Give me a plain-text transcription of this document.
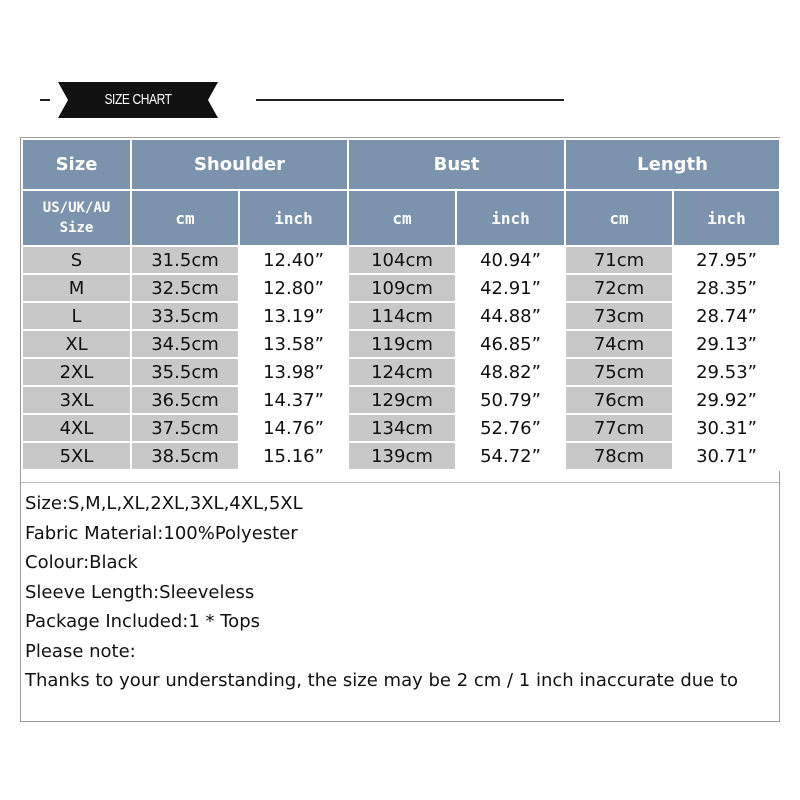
SIZE CHART
Size	Shoulder		Bust		Length	
US/UK/AU
Size	cm	inch	cm	inch	cm	inch
S	31.5cm	12.40”	104cm	40.94”	71cm	27.95”
M	32.5cm	12.80”	109cm	42.91”	72cm	28.35”
L	33.5cm	13.19”	114cm	44.88”	73cm	28.74”
XL	34.5cm	13.58”	119cm	46.85”	74cm	29.13”
2XL	35.5cm	13.98”	124cm	48.82”	75cm	29.53”
3XL	36.5cm	14.37”	129cm	50.79”	76cm	29.92”
4XL	37.5cm	14.76”	134cm	52.76”	77cm	30.31”
5XL	38.5cm	15.16”	139cm	54.72”	78cm	30.71”
Size:S,M,L,XL,2XL,3XL,4XL,5XL
Fabric Material:100%Polyester
Colour:Black
Sleeve Length:Sleeveless
Package Included:1 * Tops
Please note:
Thanks to your understanding, the size may be 2 cm / 1 inch inaccurate due to
